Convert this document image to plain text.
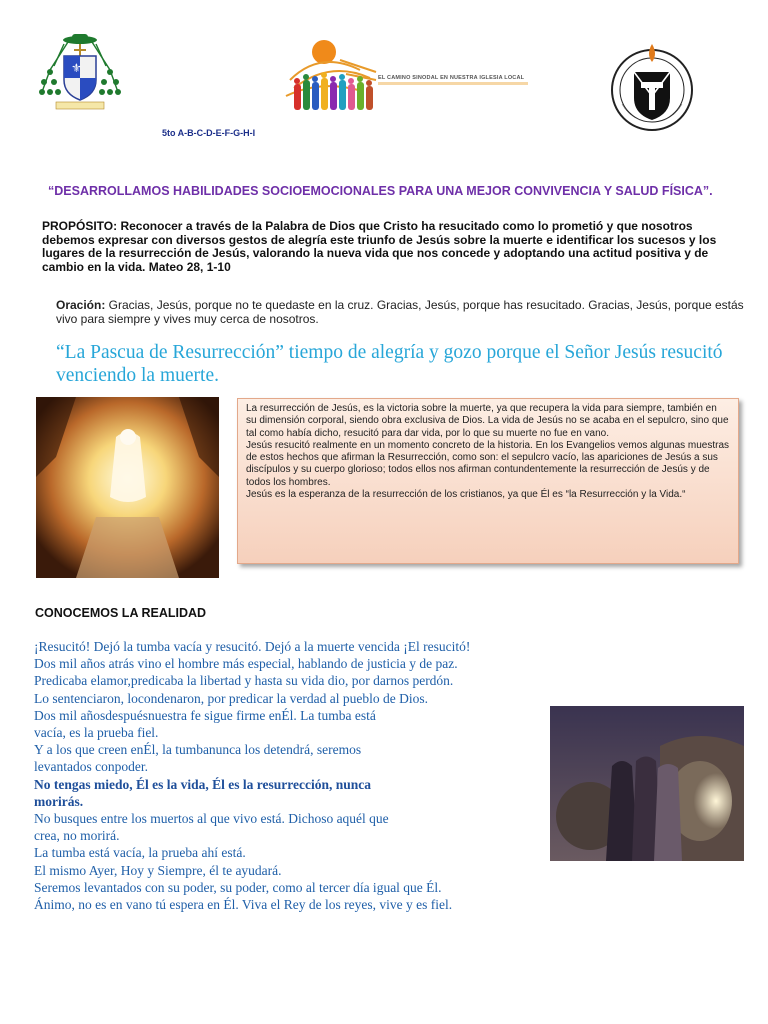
⚜
EL CAMINO SINODAL EN NUESTRA IGLESIA LOCAL
5to A-B-C-D-E-F-G-H-I
“DESARROLLAMOS HABILIDADES SOCIOEMOCIONALES PARA UNA MEJOR CONVIVENCIA Y SALUD FÍSICA”.
PROPÓSITO: Reconocer a través de la Palabra de Dios que Cristo ha resucitado como lo prometió y que nosotros debemos expresar con diversos gestos de alegría este triunfo de Jesús sobre la muerte e identificar los sucesos y los lugares de la resurrección de Jesús, valorando la nueva vida que nos concede y adoptando una actitud positiva y de cambio en la vida. Mateo 28, 1-10
Oración: Gracias, Jesús, porque no te quedaste en la cruz. Gracias, Jesús, porque has resucitado. Gracias, Jesús, porque estás vivo para siempre y vives muy cerca de nosotros.
“La Pascua de Resurrección” tiempo de alegría y gozo porque el Señor Jesús resucitó venciendo la muerte.

La resurrección de Jesús, es la victoria sobre la muerte, ya que recupera la vida para siempre, también en su dimensión corporal, siendo obra exclusiva de Dios. La vida de Jesús no se acaba en el sepulcro, sino que tal como había dicho, resucitó para dar vida, por lo que su muerte no fue en vano.

Jesús resucitó realmente en un momento concreto de la historia. En los Evangelios vemos algunas muestras de estos hechos que afirman la Resurrección, como son: el sepulcro vacío, las apariciones de Jesús a sus discípulos y su cuerpo glorioso; todos ellos nos afirman contundentemente la resurrección de Jesús y de todos los hombres.

Jesús es la esperanza de la resurrección de los cristianos, ya que Él es “la Resurrección y la Vida.“

CONOCEMOS LA REALIDAD
¡Resucitó! Dejó la tumba vacía y resucitó. Dejó a la muerte vencida ¡El resucitó!
Dos mil años atrás vino el hombre más especial, hablando de justicia y de paz.
Predicaba elamor,predicaba la libertad y hasta su vida dio, por darnos perdón.
Lo sentenciaron, locondenaron, por predicar la verdad al pueblo de Dios.
Dos mil añosdespuésnuestra fe sigue firme enÉl. La tumba está
vacía, es la prueba fiel.
Y a los que creen enÉl, la tumbanunca los detendrá, seremos
levantados conpoder.
No tengas miedo, Él es la vida, Él es la resurrección, nunca
morirás.
No busques entre los muertos al que vivo está. Dichoso aquél que
crea, no morirá.
La tumba está vacía, la prueba ahí está.
El mismo Ayer, Hoy y Siempre, él te ayudará.
Seremos levantados con su poder, su poder, como al tercer día igual que Él.
Ánimo, no es en vano tú espera en Él. Viva el Rey de los reyes, vive y es fiel.
